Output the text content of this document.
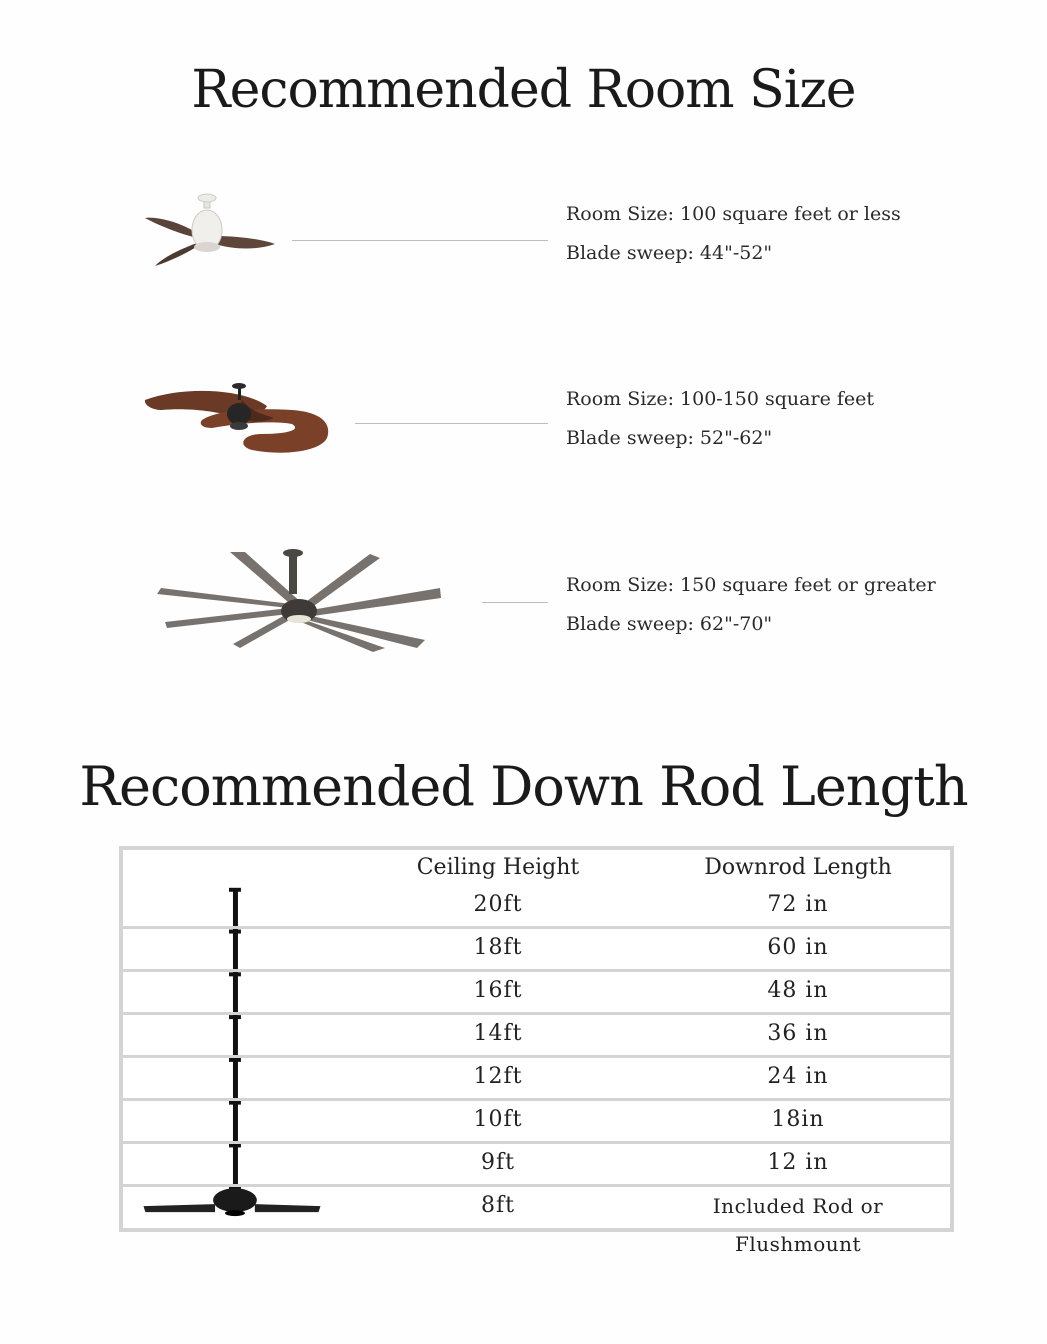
Recommended Room Size
Room Size: 100 square feet or less
Blade sweep: 44"-52"
Room Size: 100-150 square feet
Blade sweep: 52"-62"
Room Size: 150 square feet or greater
Blade sweep: 62"-70"
Recommended Down Rod Length
Ceiling Height	Downrod Length
20ft	72 in
18ft	60 in
16ft	48 in
14ft	36 in
12ft	24 in
10ft	18in
9ft	12 in
8ft	Included Rod or Flushmount
